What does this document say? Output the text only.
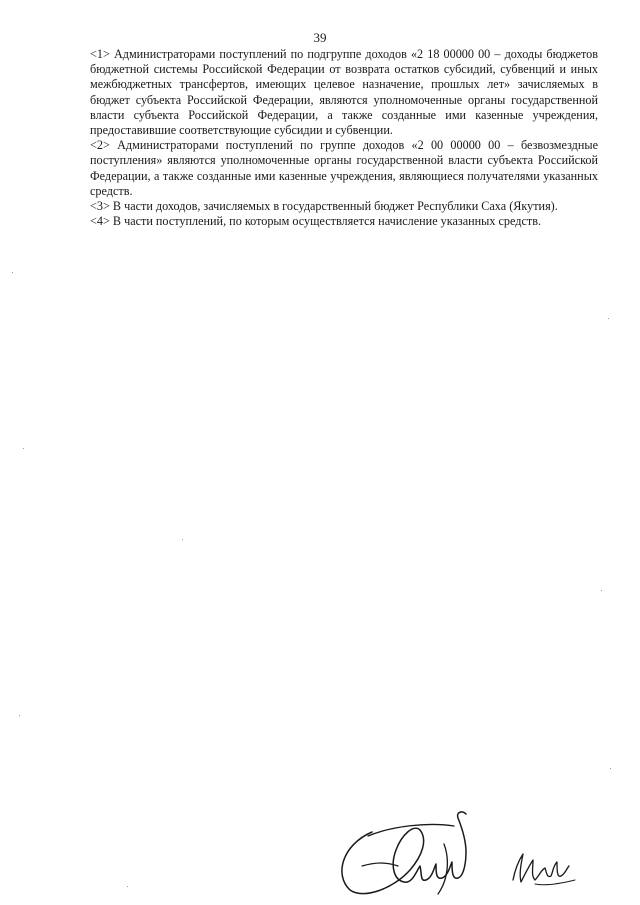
39

<1> Администраторами поступлений по подгруппе доходов «2 18 00000 00 – доходы бюджетов бюджетной системы Российской Федерации от возврата остатков субсидий, субвенций и иных межбюджетных трансфертов, имеющих целевое назначение, прошлых лет» зачисляемых в бюджет субъекта Российской Федерации, являются уполномоченные органы государственной власти субъекта Российской Федерации, а также созданные ими казенные учреждения, предоставившие соответствующие субсидии и субвенции.

<2> Администраторами поступлений по группе доходов «2 00 00000 00 – безвозмездные поступления» являются уполномоченные органы государственной власти субъекта Российской Федерации, а также созданные ими казенные учреждения, являющиеся получателями указанных средств.

<3> В части доходов, зачисляемых в государственный бюджет Республики Саха (Якутия).

<4> В части поступлений, по которым осуществляется начисление указанных средств.
